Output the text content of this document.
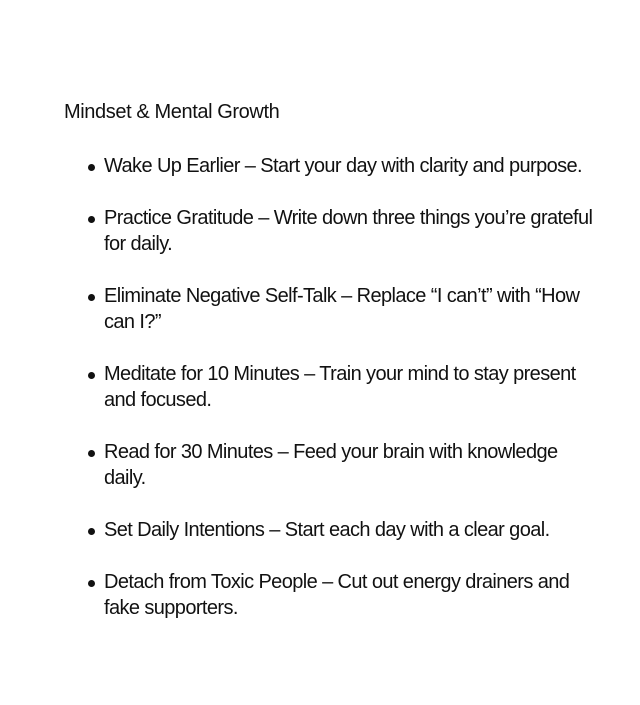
Mindset & Mental Growth
Wake Up Earlier – Start your day with clarity and purpose.
Practice Gratitude – Write down three things you’re grateful for daily.
Eliminate Negative Self-Talk – Replace “I can’t” with “How can I?”
Meditate for 10 Minutes – Train your mind to stay present and focused.
Read for 30 Minutes – Feed your brain with knowledge daily.
Set Daily Intentions – Start each day with a clear goal.
Detach from Toxic People – Cut out energy drainers and fake supporters.
